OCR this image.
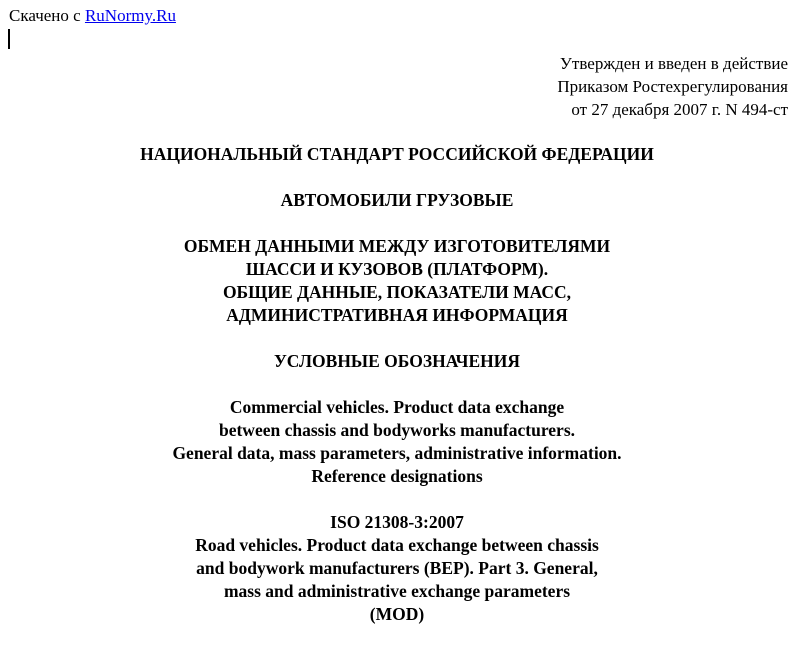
Скачено с RuNormy.Ru
Утвержден и введен в действие
Приказом Ростехрегулирования
от 27 декабря 2007 г. N 494-ст
НАЦИОНАЛЬНЫЙ СТАНДАРТ РОССИЙСКОЙ ФЕДЕРАЦИИ
АВТОМОБИЛИ ГРУЗОВЫЕ
ОБМЕН ДАННЫМИ МЕЖДУ ИЗГОТОВИТЕЛЯМИ
ШАССИ И КУЗОВОВ (ПЛАТФОРМ).
ОБЩИЕ ДАННЫЕ, ПОКАЗАТЕЛИ МАСС,
АДМИНИСТРАТИВНАЯ ИНФОРМАЦИЯ
УСЛОВНЫЕ ОБОЗНАЧЕНИЯ
Commercial vehicles. Product data exchange
between chassis and bodyworks manufacturers.
General data, mass parameters, administrative information.
Reference designations
ISO 21308-3:2007
Road vehicles. Product data exchange between chassis
and bodywork manufacturers (BEP). Part 3. General,
mass and administrative exchange parameters
(MOD)
